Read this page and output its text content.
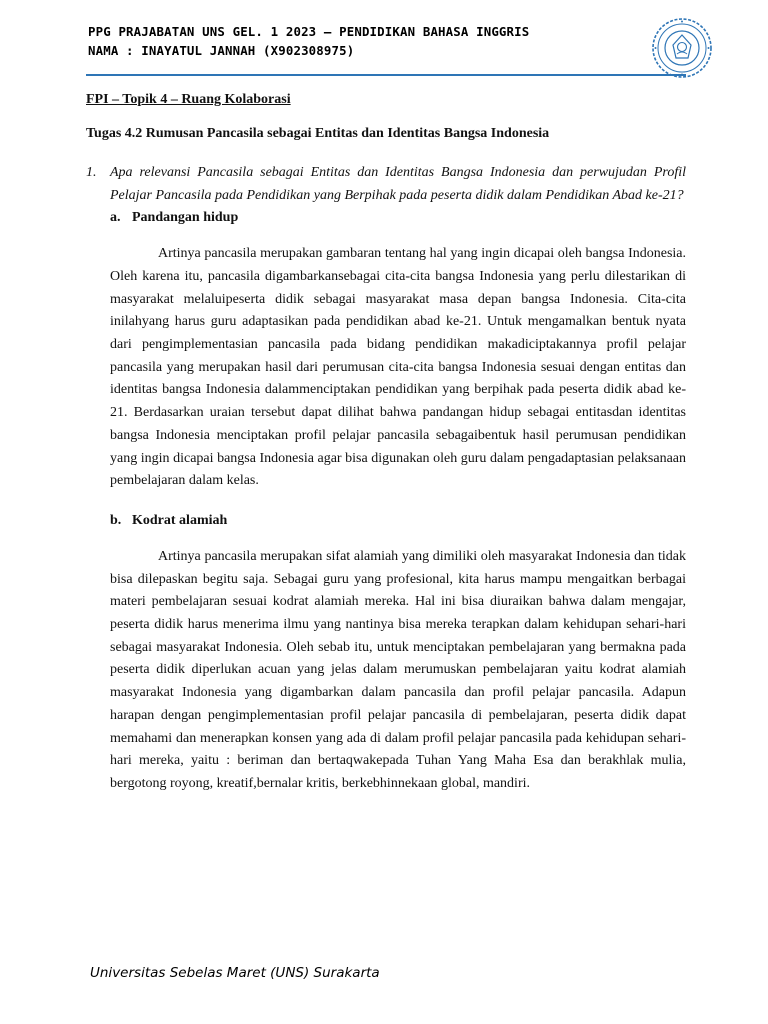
PPG PRAJABATAN UNS GEL. 1 2023 – PENDIDIKAN BAHASA INGGRIS
NAMA : INAYATUL JANNAH (X902308975)

FPI – Topik 4 – Ruang Kolaborasi

Tugas 4.2 Rumusan Pancasila sebagai Entitas dan Identitas Bangsa Indonesia

1. Apa relevansi Pancasila sebagai Entitas dan Identitas Bangsa Indonesia dan perwujudan Profil Pelajar Pancasila pada Pendidikan yang Berpihak pada peserta didik dalam Pendidikan Abad ke-21?
a. Pandangan hidup

Artinya pancasila merupakan gambaran tentang hal yang ingin dicapai oleh bangsa Indonesia. Oleh karena itu, pancasila digambarkansebagai cita-cita bangsa Indonesia yang perlu dilestarikan di masyarakat melaluipeserta didik sebagai masyarakat masa depan bangsa Indonesia. Cita-cita inilahyang harus guru adaptasikan pada pendidikan abad ke-21. Untuk mengamalkan bentuk nyata dari pengimplementasian pancasila pada bidang pendidikan makadiciptakannya profil pelajar pancasila yang merupakan hasil dari perumusan cita-cita bangsa Indonesia sesuai dengan entitas dan identitas bangsa Indonesia dalammenciptakan pendidikan yang berpihak pada peserta didik abad ke-21. Berdasarkan uraian tersebut dapat dilihat bahwa pandangan hidup sebagai entitasdan identitas bangsa Indonesia menciptakan profil pelajar pancasila sebagaibentuk hasil perumusan pendidikan yang ingin dicapai bangsa Indonesia agar bisa digunakan oleh guru dalam pengadaptasian pelaksanaan pembelajaran dalam kelas.

b. Kodrat alamiah

Artinya pancasila merupakan sifat alamiah yang dimiliki oleh masyarakat Indonesia dan tidak bisa dilepaskan begitu saja. Sebagai guru yang profesional, kita harus mampu mengaitkan berbagai materi pembelajaran sesuai kodrat alamiah mereka. Hal ini bisa diuraikan bahwa dalam mengajar, peserta didik harus menerima ilmu yang nantinya bisa mereka terapkan dalam kehidupan sehari-hari sebagai masyarakat Indonesia. Oleh sebab itu, untuk menciptakan pembelajaran yang bermakna pada peserta didik diperlukan acuan yang jelas dalam merumuskan pembelajaran yaitu kodrat alamiah masyarakat Indonesia yang digambarkan dalam pancasila dan profil pelajar pancasila. Adapun harapan dengan pengimplementasian profil pelajar pancasila di pembelajaran, peserta didik dapat memahami dan menerapkan konsen yang ada di dalam profil pelajar pancasila pada kehidupan sehari-hari mereka, yaitu : beriman dan bertaqwakepada Tuhan Yang Maha Esa dan berakhlak mulia, bergotong royong, kreatif,bernalar kritis, berkebhinnekaan global, mandiri.

Universitas Sebelas Maret (UNS) Surakarta
